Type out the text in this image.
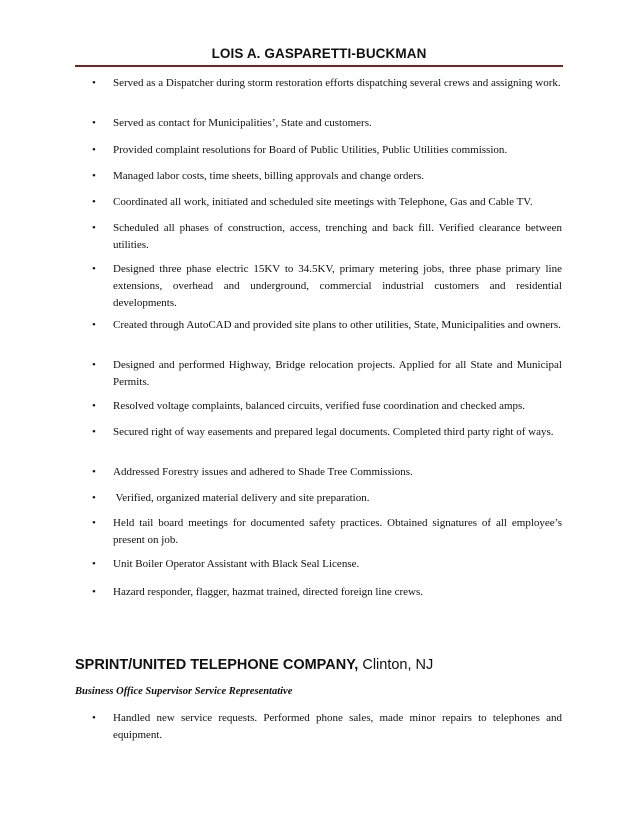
LOIS A. GASPARETTI-BUCKMAN
• Served as a Dispatcher during storm restoration efforts dispatching several crews and assigning work.
• Served as contact for Municipalities’, State and customers.
• Provided complaint resolutions for Board of Public Utilities, Public Utilities commission.
• Managed labor costs, time sheets, billing approvals and change orders.
• Coordinated all work, initiated and scheduled site meetings with Telephone, Gas and Cable TV.
• Scheduled all phases of construction, access, trenching and back fill. Verified clearance between utilities.
• Designed three phase electric 15KV to 34.5KV, primary metering jobs, three phase primary line extensions, overhead and underground, commercial industrial customers and residential developments.
• Created through AutoCAD and provided site plans to other utilities, State, Municipalities and owners.
• Designed and performed Highway, Bridge relocation projects. Applied for all State and Municipal Permits.
• Resolved voltage complaints, balanced circuits, verified fuse coordination and checked amps.
• Secured right of way easements and prepared legal documents. Completed third party right of ways.
• Addressed Forestry issues and adhered to Shade Tree Commissions.
• Verified, organized material delivery and site preparation.
• Held tail board meetings for documented safety practices. Obtained signatures of all employee’s present on job.
• Unit Boiler Operator Assistant with Black Seal License.
• Hazard responder, flagger, hazmat trained, directed foreign line crews.
SPRINT/UNITED TELEPHONE COMPANY, Clinton, NJ
Business Office Supervisor Service Representative
• Handled new service requests. Performed phone sales, made minor repairs to telephones and equipment.
